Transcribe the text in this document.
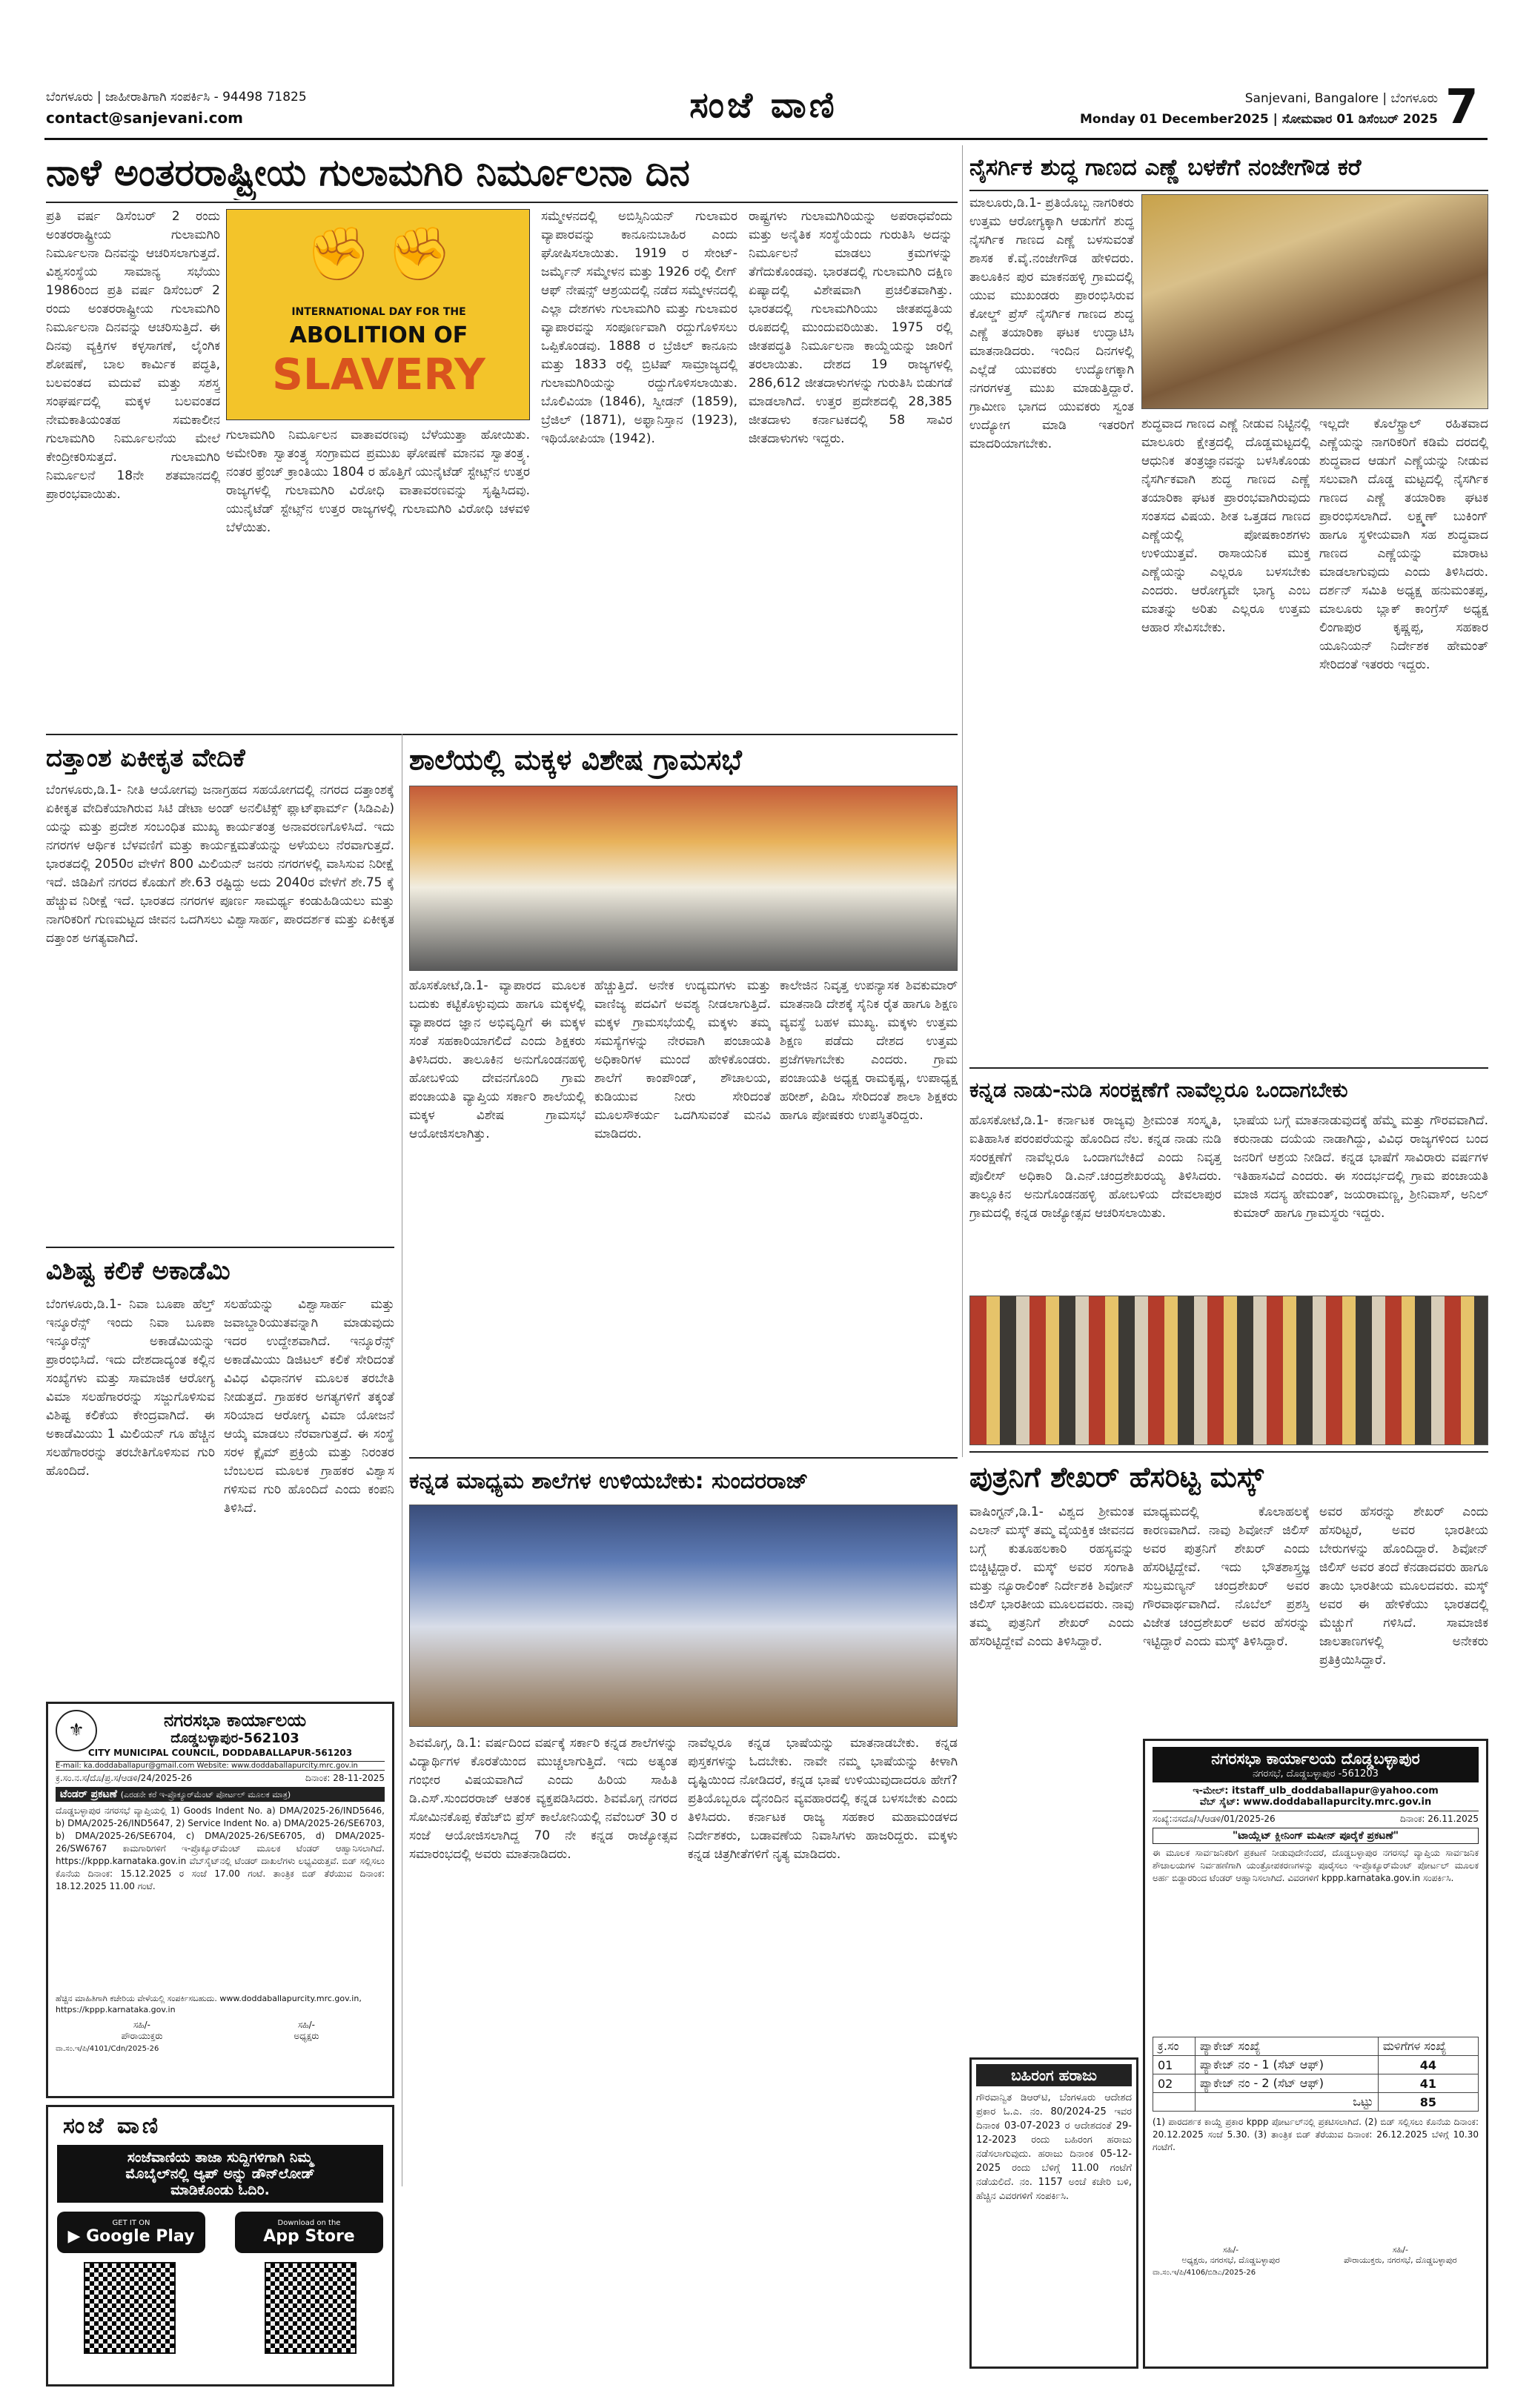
ಬೆಂಗಳೂರು | ಜಾಹೀರಾತಿಗಾಗಿ ಸಂಪರ್ಕಿಸಿ - 94498 71825
contact@sanjevani.com	ಸಂಜೆ ವಾಣಿ	Sanjevani, Bangalore | ಬೆಂಗಳೂರು
Monday 01 December2025 | ಸೋಮವಾರ 01 ಡಿಸೆಂಬರ್ 2025 7
ನಾಳೆ ಅಂತರರಾಷ್ಟ್ರೀಯ ಗುಲಾಮಗಿರಿ ನಿರ್ಮೂಲನಾ ದಿನ
ಪ್ರತಿ ವರ್ಷ ಡಿಸೆಂಬರ್ 2 ರಂದು ಅಂತರರಾಷ್ಟ್ರೀಯ ಗುಲಾಮಗಿರಿ ನಿರ್ಮೂಲನಾ ದಿನವನ್ನು ಆಚರಿಸಲಾಗುತ್ತದೆ. ವಿಶ್ವಸಂಸ್ಥೆಯ ಸಾಮಾನ್ಯ ಸಭೆಯು 1986ರಿಂದ ಪ್ರತಿ ವರ್ಷ ಡಿಸೆಂಬರ್ 2 ರಂದು ಅಂತರರಾಷ್ಟ್ರೀಯ ಗುಲಾಮಗಿರಿ ನಿರ್ಮೂಲನಾ ದಿನವನ್ನು ಆಚರಿಸುತ್ತಿದೆ. ಈ ದಿನವು ವ್ಯಕ್ತಿಗಳ ಕಳ್ಳಸಾಗಣೆ, ಲೈಂಗಿಕ ಶೋಷಣೆ, ಬಾಲ ಕಾರ್ಮಿಕ ಪದ್ಧತಿ, ಬಲವಂತದ ಮದುವೆ ಮತ್ತು ಸಶಸ್ತ್ರ ಸಂಘರ್ಷದಲ್ಲಿ ಮಕ್ಕಳ ಬಲವಂತದ ನೇಮಕಾತಿಯಂತಹ ಸಮಕಾಲೀನ ಗುಲಾಮಗಿರಿ ನಿರ್ಮೂಲನೆಯ ಮೇಲೆ ಕೇಂದ್ರೀಕರಿಸುತ್ತದೆ. ಗುಲಾಮಗಿರಿ ನಿರ್ಮೂಲನೆ 18ನೇ ಶತಮಾನದಲ್ಲಿ ಪ್ರಾರಂಭವಾಯಿತು.
✊ ✊
INTERNATIONAL DAY FOR THE
ABOLITION OF
SLAVERY
ಗುಲಾಮಗಿರಿ ನಿರ್ಮೂಲನ ವಾತಾವರಣವು ಬೆಳೆಯುತ್ತಾ ಹೋಯಿತು. ಅಮೇರಿಕಾ ಸ್ವಾತಂತ್ರ್ಯ ಸಂಗ್ರಾಮದ ಪ್ರಮುಖ ಘೋಷಣೆ ಮಾನವ ಸ್ವಾತಂತ್ರ್ಯ. ನಂತರ ಫ್ರೆಂಚ್ ಕ್ರಾಂತಿಯು 1804 ರ ಹೊತ್ತಿಗೆ ಯುನೈಟೆಡ್ ಸ್ಟೇಟ್ಸ್‌ನ ಉತ್ತರ ರಾಜ್ಯಗಳಲ್ಲಿ ಗುಲಾಮಗಿರಿ ವಿರೋಧಿ ವಾತಾವರಣವನ್ನು ಸೃಷ್ಟಿಸಿದವು. ಯುನೈಟೆಡ್ ಸ್ಟೇಟ್ಸ್‌ನ ಉತ್ತರ ರಾಜ್ಯಗಳಲ್ಲಿ ಗುಲಾಮಗಿರಿ ವಿರೋಧಿ ಚಳವಳಿ ಬೆಳೆಯಿತು.
ಸಮ್ಮೇಳನದಲ್ಲಿ ಅಬಿಸ್ಸಿನಿಯನ್ ಗುಲಾಮರ ವ್ಯಾಪಾರವನ್ನು ಕಾನೂನುಬಾಹಿರ ಎಂದು ಘೋಷಿಸಲಾಯಿತು. 1919 ರ ಸೇಂಟ್-ಜರ್ಮೈನ್ ಸಮ್ಮೇಳನ ಮತ್ತು 1926 ರಲ್ಲಿ ಲೀಗ್ ಆಫ್ ನೇಷನ್ಸ್ ಆಶ್ರಯದಲ್ಲಿ ನಡೆದ ಸಮ್ಮೇಳನದಲ್ಲಿ ಎಲ್ಲಾ ದೇಶಗಳು ಗುಲಾಮಗಿರಿ ಮತ್ತು ಗುಲಾಮರ ವ್ಯಾಪಾರವನ್ನು ಸಂಪೂರ್ಣವಾಗಿ ರದ್ದುಗೊಳಿಸಲು ಒಪ್ಪಿಕೊಂಡವು. 1888 ರ ಬ್ರೆಜಿಲ್ ಕಾನೂನು ಮತ್ತು 1833 ರಲ್ಲಿ ಬ್ರಿಟಿಷ್ ಸಾಮ್ರಾಜ್ಯದಲ್ಲಿ ಗುಲಾಮಗಿರಿಯನ್ನು ರದ್ದುಗೊಳಿಸಲಾಯಿತು. ಬೊಲಿವಿಯಾ (1846), ಸ್ವೀಡನ್ (1859), ಬ್ರೆಜಿಲ್ (1871), ಅಫ್ಘಾನಿಸ್ತಾನ (1923), ಇಥಿಯೋಪಿಯಾ (1942).
ರಾಷ್ಟ್ರಗಳು ಗುಲಾಮಗಿರಿಯನ್ನು ಅಪರಾಧವೆಂದು ಮತ್ತು ಅನೈತಿಕ ಸಂಸ್ಥೆಯೆಂದು ಗುರುತಿಸಿ ಅದನ್ನು ನಿರ್ಮೂಲನೆ ಮಾಡಲು ಕ್ರಮಗಳನ್ನು ತೆಗೆದುಕೊಂಡವು. ಭಾರತದಲ್ಲಿ ಗುಲಾಮಗಿರಿ ದಕ್ಷಿಣ ಏಷ್ಯಾದಲ್ಲಿ ವಿಶೇಷವಾಗಿ ಪ್ರಚಲಿತವಾಗಿತ್ತು. ಭಾರತದಲ್ಲಿ ಗುಲಾಮಗಿರಿಯು ಜೀತಪದ್ಧತಿಯ ರೂಪದಲ್ಲಿ ಮುಂದುವರಿಯಿತು. 1975 ರಲ್ಲಿ ಜೀತಪದ್ಧತಿ ನಿರ್ಮೂಲನಾ ಕಾಯ್ದೆಯನ್ನು ಜಾರಿಗೆ ತರಲಾಯಿತು. ದೇಶದ 19 ರಾಜ್ಯಗಳಲ್ಲಿ 286,612 ಜೀತದಾಳುಗಳನ್ನು ಗುರುತಿಸಿ ಬಿಡುಗಡೆ ಮಾಡಲಾಗಿದೆ. ಉತ್ತರ ಪ್ರದೇಶದಲ್ಲಿ 28,385 ಜೀತದಾಳು ಕರ್ನಾಟಕದಲ್ಲಿ 58 ಸಾವಿರ ಜೀತದಾಳುಗಳು ಇದ್ದರು.
ನೈಸರ್ಗಿಕ ಶುದ್ಧ ಗಾಣದ ಎಣ್ಣೆ ಬಳಕೆಗೆ ನಂಜೇಗೌಡ ಕರೆ
ಮಾಲೂರು,ಡಿ.1- ಪ್ರತಿಯೊಬ್ಬ ನಾಗರಿಕರು ಉತ್ತಮ ಆರೋಗ್ಯಕ್ಕಾಗಿ ಆಡುಗೆಗೆ ಶುದ್ಧ ನೈಸರ್ಗಿಕ ಗಾಣದ ಎಣ್ಣೆ ಬಳಸುವಂತೆ ಶಾಸಕ ಕೆ.ವೈ.ನಂಜೇಗೌಡ ಹೇಳಿದರು. ತಾಲೂಕಿನ ಪುರ ಮಾಕನಹಳ್ಳಿ ಗ್ರಾಮದಲ್ಲಿ ಯುವ ಮುಖಂಡರು ಪ್ರಾರಂಭಿಸಿರುವ ಕೋಲ್ಡ್ ಪ್ರೆಸ್ ನೈಸರ್ಗಿಕ ಗಾಣದ ಶುದ್ಧ ಎಣ್ಣೆ ತಯಾರಿಕಾ ಘಟಕ ಉದ್ಘಾಟಿಸಿ ಮಾತನಾಡಿದರು. ಇಂದಿನ ದಿನಗಳಲ್ಲಿ ಎಲ್ಲೆಡೆ ಯುವಕರು ಉದ್ಯೋಗಕ್ಕಾಗಿ ನಗರಗಳತ್ತ ಮುಖ ಮಾಡುತ್ತಿದ್ದಾರೆ. ಗ್ರಾಮೀಣ ಭಾಗದ ಯುವಕರು ಸ್ವಂತ ಉದ್ಯೋಗ ಮಾಡಿ ಇತರರಿಗೆ ಮಾದರಿಯಾಗಬೇಕು.
ಶುದ್ಧವಾದ ಗಾಣದ ಎಣ್ಣೆ ನೀಡುವ ನಿಟ್ಟಿನಲ್ಲಿ ಮಾಲೂರು ಕ್ಷೇತ್ರದಲ್ಲಿ ದೊಡ್ಡಮಟ್ಟದಲ್ಲಿ ಆಧುನಿಕ ತಂತ್ರಜ್ಞಾನವನ್ನು ಬಳಸಿಕೊಂಡು ನೈಸರ್ಗಿಕವಾಗಿ ಶುದ್ಧ ಗಾಣದ ಎಣ್ಣೆ ತಯಾರಿಕಾ ಘಟಕ ಪ್ರಾರಂಭವಾಗಿರುವುದು ಸಂತಸದ ವಿಷಯ. ಶೀತ ಒತ್ತಡದ ಗಾಣದ ಎಣ್ಣೆಯಲ್ಲಿ ಪೋಷಕಾಂಶಗಳು ಉಳಿಯುತ್ತವೆ. ರಾಸಾಯನಿಕ ಮುಕ್ತ ಎಣ್ಣೆಯನ್ನು ಎಲ್ಲರೂ ಬಳಸಬೇಕು ಎಂದರು. ಆರೋಗ್ಯವೇ ಭಾಗ್ಯ ಎಂಬ ಮಾತನ್ನು ಅರಿತು ಎಲ್ಲರೂ ಉತ್ತಮ ಆಹಾರ ಸೇವಿಸಬೇಕು.
ಇಲ್ಲದೇ ಕೊಲೆಸ್ಟ್ರಾಲ್ ರಹಿತವಾದ ಎಣ್ಣೆಯನ್ನು ನಾಗರಿಕರಿಗೆ ಕಡಿಮೆ ದರದಲ್ಲಿ ಶುದ್ಧವಾದ ಆಡುಗೆ ಎಣ್ಣೆಯನ್ನು ನೀಡುವ ಸಲುವಾಗಿ ದೊಡ್ಡ ಮಟ್ಟದಲ್ಲಿ ನೈಸರ್ಗಿಕ ಗಾಣದ ಎಣ್ಣೆ ತಯಾರಿಕಾ ಘಟಕ ಪ್ರಾರಂಭಿಸಲಾಗಿದೆ. ಲಕ್ಷ್ಮಣ್ ಬುಕಿಂಗ್ ಹಾಗೂ ಸ್ಥಳೀಯವಾಗಿ ಸಹ ಶುದ್ಧವಾದ ಗಾಣದ ಎಣ್ಣೆಯನ್ನು ಮಾರಾಟ ಮಾಡಲಾಗುವುದು ಎಂದು ತಿಳಿಸಿದರು. ದರ್ಶನ್ ಸಮಿತಿ ಅಧ್ಯಕ್ಷ ಹನುಮಂತಪ್ಪ, ಮಾಲೂರು ಬ್ಲಾಕ್ ಕಾಂಗ್ರೆಸ್ ಅಧ್ಯಕ್ಷ ಲಿಂಗಾಪುರ ಕೃಷ್ಣಪ್ಪ, ಸಹಕಾರ ಯೂನಿಯನ್ ನಿರ್ದೇಶಕ ಹೇಮಂತ್ ಸೇರಿದಂತೆ ಇತರರು ಇದ್ದರು.
ದತ್ತಾಂಶ ಏಕೀಕೃತ ವೇದಿಕೆ
ಬೆಂಗಳೂರು,ಡಿ.1- ನೀತಿ ಆಯೋಗವು ಜನಾಗ್ರಹದ ಸಹಯೋಗದಲ್ಲಿ ನಗರದ ದತ್ತಾಂಶಕ್ಕೆ ಏಕೀಕೃತ ವೇದಿಕೆಯಾಗಿರುವ ಸಿಟಿ ಡೇಟಾ ಅಂಡ್ ಅನಲಿಟಿಕ್ಸ್ ಪ್ಲಾಟ್‌ಫಾರ್ಮ್ (ಸಿಡಿಎಪಿ) ಯನ್ನು ಮತ್ತು ಪ್ರದೇಶ ಸಂಬಂಧಿತ ಮುಖ್ಯ ಕಾರ್ಯತಂತ್ರ ಅನಾವರಣಗೊಳಿಸಿದೆ. ಇದು ನಗರಗಳ ಆರ್ಥಿಕ ಬೆಳವಣಿಗೆ ಮತ್ತು ಕಾರ್ಯಕ್ಷಮತೆಯನ್ನು ಅಳೆಯಲು ನೆರವಾಗುತ್ತದೆ. ಭಾರತದಲ್ಲಿ 2050ರ ವೇಳೆಗೆ 800 ಮಿಲಿಯನ್ ಜನರು ನಗರಗಳಲ್ಲಿ ವಾಸಿಸುವ ನಿರೀಕ್ಷೆ ಇದೆ. ಜಿಡಿಪಿಗೆ ನಗರದ ಕೊಡುಗೆ ಶೇ.63 ರಷ್ಟಿದ್ದು ಅದು 2040ರ ವೇಳೆಗೆ ಶೇ.75 ಕ್ಕೆ ಹೆಚ್ಚುವ ನಿರೀಕ್ಷೆ ಇದೆ. ಭಾರತದ ನಗರಗಳ ಪೂರ್ಣ ಸಾಮರ್ಥ್ಯ ಕಂಡುಹಿಡಿಯಲು ಮತ್ತು ನಾಗರಿಕರಿಗೆ ಗುಣಮಟ್ಟದ ಜೀವನ ಒದಗಿಸಲು ವಿಶ್ವಾಸಾರ್ಹ, ಪಾರದರ್ಶಕ ಮತ್ತು ಏಕೀಕೃತ ದತ್ತಾಂಶ ಅಗತ್ಯವಾಗಿದೆ.
ವಿಶಿಷ್ಟ ಕಲಿಕೆ ಅಕಾಡೆಮಿ
ಬೆಂಗಳೂರು,ಡಿ.1- ನಿವಾ ಬೂಪಾ ಹೆಲ್ತ್ ಇನ್ಶೂರೆನ್ಸ್ ಇಂದು ನಿವಾ ಬೂಪಾ ಇನ್ಶೂರೆನ್ಸ್ ಅಕಾಡೆಮಿಯನ್ನು ಪ್ರಾರಂಭಿಸಿದೆ. ಇದು ದೇಶದಾದ್ಯಂತ ಕಲ್ಲಿನ ಸಂಖ್ಯೆಗಳು ಮತ್ತು ಸಾಮಾಜಿಕ ಆರೋಗ್ಯ ವಿಮಾ ಸಲಹೆಗಾರರನ್ನು ಸಜ್ಜುಗೊಳಿಸುವ ವಿಶಿಷ್ಟ ಕಲಿಕೆಯ ಕೇಂದ್ರವಾಗಿದೆ. ಈ ಅಕಾಡೆಮಿಯು 1 ಮಿಲಿಯನ್ ಗೂ ಹೆಚ್ಚಿನ ಸಲಹೆಗಾರರನ್ನು ತರಬೇತಿಗೊಳಿಸುವ ಗುರಿ ಹೊಂದಿದೆ.
ಸಲಹೆಯನ್ನು ವಿಶ್ವಾಸಾರ್ಹ ಮತ್ತು ಜವಾಬ್ದಾರಿಯುತವನ್ನಾಗಿ ಮಾಡುವುದು ಇದರ ಉದ್ದೇಶವಾಗಿದೆ. ಇನ್ಶೂರೆನ್ಸ್ ಅಕಾಡೆಮಿಯು ಡಿಜಿಟಲ್ ಕಲಿಕೆ ಸೇರಿದಂತೆ ವಿವಿಧ ವಿಧಾನಗಳ ಮೂಲಕ ತರಬೇತಿ ನೀಡುತ್ತದೆ. ಗ್ರಾಹಕರ ಅಗತ್ಯಗಳಿಗೆ ತಕ್ಕಂತೆ ಸರಿಯಾದ ಆರೋಗ್ಯ ವಿಮಾ ಯೋಜನೆ ಆಯ್ಕೆ ಮಾಡಲು ನೆರವಾಗುತ್ತದೆ. ಈ ಸಂಸ್ಥೆ ಸರಳ ಕ್ಲೈಮ್ ಪ್ರಕ್ರಿಯೆ ಮತ್ತು ನಿರಂತರ ಬೆಂಬಲದ ಮೂಲಕ ಗ್ರಾಹಕರ ವಿಶ್ವಾಸ ಗಳಿಸುವ ಗುರಿ ಹೊಂದಿದೆ ಎಂದು ಕಂಪನಿ ತಿಳಿಸಿದೆ.
ಶಾಲೆಯಲ್ಲಿ ಮಕ್ಕಳ ವಿಶೇಷ ಗ್ರಾಮಸಭೆ
ಹೊಸಕೋಟೆ,ಡಿ.1- ವ್ಯಾಪಾರದ ಮೂಲಕ ಬದುಕು ಕಟ್ಟಿಕೊಳ್ಳುವುದು ಹಾಗೂ ಮಕ್ಕಳಲ್ಲಿ ವ್ಯಾಪಾರದ ಜ್ಞಾನ ಅಭಿವೃದ್ಧಿಗೆ ಈ ಮಕ್ಕಳ ಸಂತೆ ಸಹಕಾರಿಯಾಗಲಿದೆ ಎಂದು ಶಿಕ್ಷಕರು ತಿಳಿಸಿದರು. ತಾಲೂಕಿನ ಅನುಗೊಂಡನಹಳ್ಳಿ ಹೋಬಳಿಯ ದೇವನಗೊಂದಿ ಗ್ರಾಮ ಪಂಚಾಯತಿ ವ್ಯಾಪ್ತಿಯ ಸರ್ಕಾರಿ ಶಾಲೆಯಲ್ಲಿ ಮಕ್ಕಳ ವಿಶೇಷ ಗ್ರಾಮಸಭೆ ಆಯೋಜಿಸಲಾಗಿತ್ತು.
ಹೆಚ್ಚುತ್ತಿದೆ. ಅನೇಕ ಉದ್ಯಮಗಳು ಮತ್ತು ವಾಣಿಜ್ಯ ಪದವಿಗೆ ಅವಶ್ಯ ನೀಡಲಾಗುತ್ತಿದೆ. ಮಕ್ಕಳ ಗ್ರಾಮಸಭೆಯಲ್ಲಿ ಮಕ್ಕಳು ತಮ್ಮ ಸಮಸ್ಯೆಗಳನ್ನು ನೇರವಾಗಿ ಪಂಚಾಯತಿ ಅಧಿಕಾರಿಗಳ ಮುಂದೆ ಹೇಳಿಕೊಂಡರು. ಶಾಲೆಗೆ ಕಾಂಪೌಂಡ್, ಶೌಚಾಲಯ, ಕುಡಿಯುವ ನೀರು ಸೇರಿದಂತೆ ಮೂಲಸೌಕರ್ಯ ಒದಗಿಸುವಂತೆ ಮನವಿ ಮಾಡಿದರು.
ಕಾಲೇಜಿನ ನಿವೃತ್ತ ಉಪನ್ಯಾಸಕ ಶಿವಕುಮಾರ್ ಮಾತನಾಡಿ ದೇಶಕ್ಕೆ ಸೈನಿಕ ರೈತ ಹಾಗೂ ಶಿಕ್ಷಣ ವ್ಯವಸ್ಥೆ ಬಹಳ ಮುಖ್ಯ. ಮಕ್ಕಳು ಉತ್ತಮ ಶಿಕ್ಷಣ ಪಡೆದು ದೇಶದ ಉತ್ತಮ ಪ್ರಜೆಗಳಾಗಬೇಕು ಎಂದರು. ಗ್ರಾಮ ಪಂಚಾಯತಿ ಅಧ್ಯಕ್ಷ ರಾಮಕೃಷ್ಣ, ಉಪಾಧ್ಯಕ್ಷ ಹರೀಶ್, ಪಿಡಿಒ ಸೇರಿದಂತೆ ಶಾಲಾ ಶಿಕ್ಷಕರು ಹಾಗೂ ಪೋಷಕರು ಉಪಸ್ಥಿತರಿದ್ದರು.
ಕನ್ನಡ ನಾಡು-ನುಡಿ ಸಂರಕ್ಷಣೆಗೆ ನಾವೆಲ್ಲರೂ ಒಂದಾಗಬೇಕು
ಹೊಸಕೋಟೆ,ಡಿ.1- ಕರ್ನಾಟಕ ರಾಜ್ಯವು ಶ್ರೀಮಂತ ಸಂಸ್ಕೃತಿ, ಐತಿಹಾಸಿಕ ಪರಂಪರೆಯನ್ನು ಹೊಂದಿದ ನೆಲ. ಕನ್ನಡ ನಾಡು ನುಡಿ ಸಂರಕ್ಷಣೆಗೆ ನಾವೆಲ್ಲರೂ ಒಂದಾಗಬೇಕಿದೆ ಎಂದು ನಿವೃತ್ತ ಪೊಲೀಸ್ ಅಧಿಕಾರಿ ಡಿ.ಎನ್.ಚಂದ್ರಶೇಖರಯ್ಯ ತಿಳಿಸಿದರು. ತಾಲ್ಲೂಕಿನ ಅನುಗೊಂಡನಹಳ್ಳಿ ಹೋಬಳಿಯ ದೇವಲಾಪುರ ಗ್ರಾಮದಲ್ಲಿ ಕನ್ನಡ ರಾಜ್ಯೋತ್ಸವ ಆಚರಿಸಲಾಯಿತು.
ಭಾಷೆಯ ಬಗ್ಗೆ ಮಾತನಾಡುವುದಕ್ಕೆ ಹೆಮ್ಮೆ ಮತ್ತು ಗೌರವವಾಗಿದೆ. ಕರುನಾಡು ದಯೆಯ ನಾಡಾಗಿದ್ದು, ವಿವಿಧ ರಾಜ್ಯಗಳಿಂದ ಬಂದ ಜನರಿಗೆ ಆಶ್ರಯ ನೀಡಿದೆ. ಕನ್ನಡ ಭಾಷೆಗೆ ಸಾವಿರಾರು ವರ್ಷಗಳ ಇತಿಹಾಸವಿದೆ ಎಂದರು. ಈ ಸಂದರ್ಭದಲ್ಲಿ ಗ್ರಾಮ ಪಂಚಾಯತಿ ಮಾಜಿ ಸದಸ್ಯ ಹೇಮಂತ್, ಜಯರಾಮಣ್ಣ, ಶ್ರೀನಿವಾಸ್, ಅನಿಲ್ ಕುಮಾರ್ ಹಾಗೂ ಗ್ರಾಮಸ್ಥರು ಇದ್ದರು.
ಕನ್ನಡ ಮಾಧ್ಯಮ ಶಾಲೆಗಳ ಉಳಿಯಬೇಕು: ಸುಂದರರಾಜ್
ಶಿವಮೊಗ್ಗ, ಡಿ.1: ವರ್ಷದಿಂದ ವರ್ಷಕ್ಕೆ ಸರ್ಕಾರಿ ಕನ್ನಡ ಶಾಲೆಗಳನ್ನು ವಿದ್ಯಾರ್ಥಿಗಳ ಕೊರತೆಯಿಂದ ಮುಚ್ಚಲಾಗುತ್ತಿದೆ. ಇದು ಅತ್ಯಂತ ಗಂಭೀರ ವಿಷಯವಾಗಿದೆ ಎಂದು ಹಿರಿಯ ಸಾಹಿತಿ ಡಿ.ಎಸ್.ಸುಂದರರಾಜ್ ಆತಂಕ ವ್ಯಕ್ತಪಡಿಸಿದರು. ಶಿವಮೊಗ್ಗ ನಗರದ ಸೋಮಿನಕೊಪ್ಪ ಕೆಹೆಚ್‌ಬಿ ಪ್ರೆಸ್ ಕಾಲೋನಿಯಲ್ಲಿ ನವೆಂಬರ್ 30 ರ ಸಂಜೆ ಆಯೋಜಿಸಲಾಗಿದ್ದ 70 ನೇ ಕನ್ನಡ ರಾಜ್ಯೋತ್ಸವ ಸಮಾರಂಭದಲ್ಲಿ ಅವರು ಮಾತನಾಡಿದರು.
ನಾವೆಲ್ಲರೂ ಕನ್ನಡ ಭಾಷೆಯನ್ನು ಮಾತನಾಡಬೇಕು. ಕನ್ನಡ ಪುಸ್ತಕಗಳನ್ನು ಓದಬೇಕು. ನಾವೇ ನಮ್ಮ ಭಾಷೆಯನ್ನು ಕೀಳಾಗಿ ದೃಷ್ಟಿಯಿಂದ ನೋಡಿದರೆ, ಕನ್ನಡ ಭಾಷೆ ಉಳಿಯುವುದಾದರೂ ಹೇಗೆ? ಪ್ರತಿಯೊಬ್ಬರೂ ದೈನಂದಿನ ವ್ಯವಹಾರದಲ್ಲಿ ಕನ್ನಡ ಬಳಸಬೇಕು ಎಂದು ತಿಳಿಸಿದರು. ಕರ್ನಾಟಕ ರಾಜ್ಯ ಸಹಕಾರ ಮಹಾಮಂಡಳದ ನಿರ್ದೇಶಕರು, ಬಡಾವಣೆಯ ನಿವಾಸಿಗಳು ಹಾಜರಿದ್ದರು. ಮಕ್ಕಳು ಕನ್ನಡ ಚಿತ್ರಗೀತೆಗಳಿಗೆ ನೃತ್ಯ ಮಾಡಿದರು.
ಪುತ್ರನಿಗೆ ಶೇಖರ್ ಹೆಸರಿಟ್ಟ ಮಸ್ಕ್
ವಾಷಿಂಗ್ಟನ್,ಡಿ.1- ವಿಶ್ವದ ಶ್ರೀಮಂತ ಎಲಾನ್ ಮಸ್ಕ್ ತಮ್ಮ ವೈಯಕ್ತಿಕ ಜೀವನದ ಬಗ್ಗೆ ಕುತೂಹಲಕಾರಿ ರಹಸ್ಯವನ್ನು ಬಿಚ್ಚಿಟ್ಟಿದ್ದಾರೆ. ಮಸ್ಕ್ ಅವರ ಸಂಗಾತಿ ಮತ್ತು ನ್ಯೂರಾಲಿಂಕ್ ನಿರ್ದೇಶಕಿ ಶಿವೋನ್ ಜಿಲಿಸ್ ಭಾರತೀಯ ಮೂಲದವರು. ನಾವು ತಮ್ಮ ಪುತ್ರನಿಗೆ ಶೇಖರ್ ಎಂದು ಹೆಸರಿಟ್ಟಿದ್ದೇವೆ ಎಂದು ತಿಳಿಸಿದ್ದಾರೆ.
ಮಾಧ್ಯಮದಲ್ಲಿ ಕೊಲಾಹಲಕ್ಕೆ ಕಾರಣವಾಗಿದೆ. ನಾವು ಶಿವೋನ್ ಜಿಲಿಸ್ ಅವರ ಪುತ್ರನಿಗೆ ಶೇಖರ್ ಎಂದು ಹೆಸರಿಟ್ಟಿದ್ದೇವೆ. ಇದು ಭೌತಶಾಸ್ತ್ರಜ್ಞ ಸುಬ್ರಮಣ್ಯನ್ ಚಂದ್ರಶೇಖರ್ ಅವರ ಗೌರವಾರ್ಥವಾಗಿದೆ. ನೊಬೆಲ್ ಪ್ರಶಸ್ತಿ ವಿಜೇತ ಚಂದ್ರಶೇಖರ್ ಅವರ ಹೆಸರನ್ನು ಇಟ್ಟಿದ್ದಾರೆ ಎಂದು ಮಸ್ಕ್ ತಿಳಿಸಿದ್ದಾರೆ.
ಅವರ ಹೆಸರನ್ನು ಶೇಖರ್ ಎಂದು ಹೆಸರಿಟ್ಟರೆ, ಅವರ ಭಾರತೀಯ ಬೇರುಗಳನ್ನು ಹೊಂದಿದ್ದಾರೆ. ಶಿವೋನ್ ಜಿಲಿಸ್ ಅವರ ತಂದೆ ಕೆನಡಾದವರು ಹಾಗೂ ತಾಯಿ ಭಾರತೀಯ ಮೂಲದವರು. ಮಸ್ಕ್ ಅವರ ಈ ಹೇಳಿಕೆಯು ಭಾರತದಲ್ಲಿ ಮೆಚ್ಚುಗೆ ಗಳಿಸಿದೆ. ಸಾಮಾಜಿಕ ಜಾಲತಾಣಗಳಲ್ಲಿ ಅನೇಕರು ಪ್ರತಿಕ್ರಿಯಿಸಿದ್ದಾರೆ.
⚜	ನಗರಸಭಾ ಕಾರ್ಯಾಲಯ
ದೊಡ್ಡಬಳ್ಳಾಪುರ-562103
CITY MUNICIPAL COUNCIL, DODDABALLAPUR-561203
E-mail: ka.doddaballapur@gmail.com Website: www.doddaballapurcity.mrc.gov.in
ಕ್ರ.ಸಂ.ನ.ಸ/ದೊ/ಪ್ರ.ಸ/ಆಡಳಿ/24/2025-26	ದಿನಾಂಕ: 28-11-2025
ಟೆಂಡರ್ ಪ್ರಕಟಣೆ (ಎರಡನೇ ಕರೆ ಇ-ಪ್ರೊಕ್ಯೂರ್‌ಮೆಂಟ್ ಪೋರ್ಟಲ್ ಮೂಲಕ ಮಾತ್ರ)
ದೊಡ್ಡಬಳ್ಳಾಪುರ ನಗರಸಭೆ ವ್ಯಾಪ್ತಿಯಲ್ಲಿ 1) Goods Indent No. a) DMA/2025-26/IND5646, b) DMA/2025-26/IND5647, 2) Service Indent No. a) DMA/2025-26/SE6703, b) DMA/2025-26/SE6704, c) DMA/2025-26/SE6705, d) DMA/2025-26/SW6767 ಕಾಮಗಾರಿಗಳಿಗೆ ಇ-ಪ್ರೊಕ್ಯೂರ್‌ಮೆಂಟ್ ಮೂಲಕ ಟೆಂಡರ್ ಆಹ್ವಾನಿಸಲಾಗಿದೆ. https://kppp.karnataka.gov.in ವೆಬ್‌ಸೈಟ್‌ನಲ್ಲಿ ಟೆಂಡರ್ ದಾಖಲೆಗಳು ಲಭ್ಯವಿರುತ್ತವೆ. ಬಿಡ್ ಸಲ್ಲಿಸಲು ಕೊನೆಯ ದಿನಾಂಕ: 15.12.2025 ರ ಸಂಜೆ 17.00 ಗಂಟೆ. ತಾಂತ್ರಿಕ ಬಿಡ್ ತೆರೆಯುವ ದಿನಾಂಕ: 18.12.2025 11.00 ಗಂಟೆ.
ಹೆಚ್ಚಿನ ಮಾಹಿತಿಗಾಗಿ ಕಚೇರಿಯ ವೇಳೆಯಲ್ಲಿ ಸಂಪರ್ಕಿಸಬಹುದು. www.doddaballapurcity.mrc.gov.in, https://kppp.karnataka.gov.in
ಸಹಿ/-
ಪೌರಾಯುಕ್ತರು
ಸಹಿ/-
ಅಧ್ಯಕ್ಷರು
ವಾ.ಸಂ.ಇ/ಪಿ/4101/Cdn/2025-26
ಸಂಜೆ ವಾಣಿ
ಸಂಜೆವಾಣಿಯ ತಾಜಾ ಸುದ್ದಿಗಳಿಗಾಗಿ ನಿಮ್ಮ
ಮೊಬೈಲ್‌ನಲ್ಲಿ ಆ್ಯಪ್ ಅನ್ನು ಡೌನ್‌ಲೋಡ್
ಮಾಡಿಕೊಂಡು ಓದಿರಿ.
GET IT ON
▶ Google Play
Download on the
App Store
ಬಹಿರಂಗ ಹರಾಜು
ಗೌರವಾನ್ವಿತ ಡಿಆರ್‌ಟಿ, ಬೆಂಗಳೂರು ಆದೇಶದ ಪ್ರಕಾರ ಓ.ಎ. ನಂ. 80/2024-25 ಇವರ ದಿನಾಂಕ 03-07-2023 ರ ಆದೇಶದಂತೆ 29-12-2023 ರಂದು ಬಹಿರಂಗ ಹರಾಜು ನಡೆಸಲಾಗುವುದು. ಹರಾಜು ದಿನಾಂಕ 05-12-2025 ರಂದು ಬೆಳಿಗ್ಗೆ 11.00 ಗಂಟೆಗೆ ನಡೆಯಲಿದೆ. ನಂ. 1157 ಅಂಚೆ ಕಚೇರಿ ಬಳಿ, ಹೆಚ್ಚಿನ ವಿವರಗಳಿಗೆ ಸಂಪರ್ಕಿಸಿ.
ನಗರಸಭಾ ಕಾರ್ಯಾಲಯ ದೊಡ್ಡಬಳ್ಳಾಪುರ
ನಗರಸಭೆ, ದೊಡ್ಡಬಳ್ಳಾಪುರ -561203
ಇ-ಮೇಲ್: itstaff_ulb_doddaballapur@yahoo.com
ವೆಬ್ ಸೈಟ್: www.doddaballapurcity.mrc.gov.in
ಸಂಖ್ಯೆ:ನಸದೊ/ಸಿ/ಆಡಳಿ/01/2025-26	ದಿನಾಂಕ: 26.11.2025
"ಟಾಯ್ಲೆಟ್ ಕ್ಲೀನಿಂಗ್ ಮಷೀನ್ ಪೂರೈಕೆ ಪ್ರಕಟಣೆ"
ಈ ಮೂಲಕ ಸಾರ್ವಜನಿಕರಿಗೆ ಪ್ರಕಟಣೆ ನೀಡುವುದೇನೆಂದರೆ, ದೊಡ್ಡಬಳ್ಳಾಪುರ ನಗರಸಭೆ ವ್ಯಾಪ್ತಿಯ ಸಾರ್ವಜನಿಕ ಶೌಚಾಲಯಗಳ ನಿರ್ವಹಣೆಗಾಗಿ ಯಂತ್ರೋಪಕರಣಗಳನ್ನು ಪೂರೈಸಲು ಇ-ಪ್ರೊಕ್ಯೂರ್‌ಮೆಂಟ್ ಪೋರ್ಟಲ್ ಮೂಲಕ ಅರ್ಹ ಬಿಡ್ದಾರರಿಂದ ಟೆಂಡರ್ ಆಹ್ವಾನಿಸಲಾಗಿದೆ. ವಿವರಗಳಿಗೆ kppp.karnataka.gov.in ಸಂಪರ್ಕಿಸಿ.
ಕ್ರ.ಸಂ	ಪ್ಯಾಕೇಜ್ ಸಂಖ್ಯೆ	ಮಳಿಗೆಗಳ ಸಂಖ್ಯೆ
01	ಪ್ಯಾಕೇಜ್ ನಂ - 1 (ಸೆಟ್ ಆಫ್)	44
02	ಪ್ಯಾಕೇಜ್ ನಂ - 2 (ಸೆಟ್ ಆಫ್)	41
	ಒಟ್ಟು	85
(1) ಪಾರದರ್ಶಕ ಕಾಯ್ದೆ ಪ್ರಕಾರ kppp ಪೋರ್ಟಲ್‌ನಲ್ಲಿ ಪ್ರಕಟಿಸಲಾಗಿದೆ. (2) ಬಿಡ್ ಸಲ್ಲಿಸಲು ಕೊನೆಯ ದಿನಾಂಕ: 20.12.2025 ಸಂಜೆ 5.30. (3) ತಾಂತ್ರಿಕ ಬಿಡ್ ತೆರೆಯುವ ದಿನಾಂಕ: 26.12.2025 ಬೆಳಿಗ್ಗೆ 10.30 ಗಂಟೆಗೆ.
ಸಹಿ/-
ಅಧ್ಯಕ್ಷರು, ನಗರಸಭೆ, ದೊಡ್ಡಬಳ್ಳಾಪುರ
ಸಹಿ/-
ಪೌರಾಯುಕ್ತರು, ನಗರಸಭೆ, ದೊಡ್ಡಬಳ್ಳಾಪುರ
ವಾ.ಸಂ.ಇ/ಪಿ/4106/ಬಿಡಿಎ/2025-26
